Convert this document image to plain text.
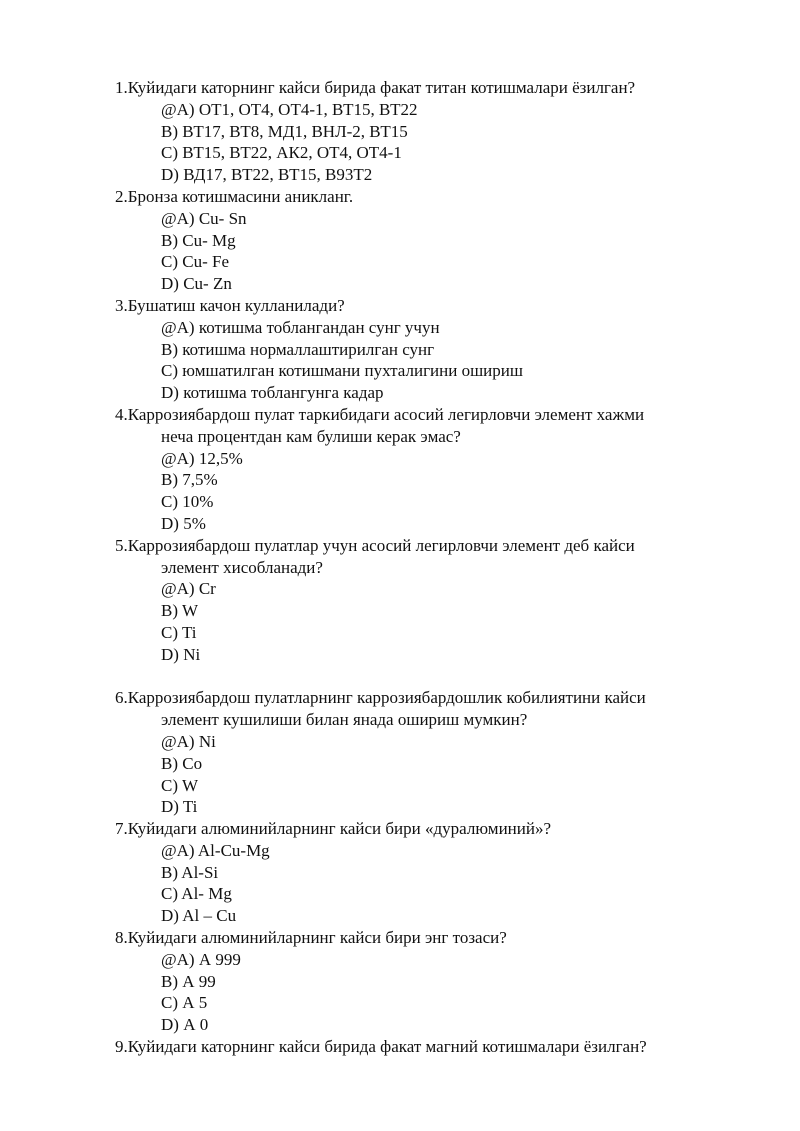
1.Куйидаги каторнинг кайси бирида факат титан котишмалари ёзилган?

@A) ОТ1, ОТ4, ОТ4-1, ВТ15, ВТ22

B) ВТ17, ВТ8, МД1, ВНЛ-2, ВТ15

C) ВТ15, ВТ22, АК2, ОТ4, ОТ4-1

D) ВД17, ВТ22, ВТ15, В93Т2

2.Бронза котишмасини аникланг.

@A) Cu- Sn

B) Cu- Mg

C) Cu- Fe

D) Cu- Zn

3.Бушатиш качон кулланилади?

@A) котишма тоблангандан сунг учун

B) котишма нормаллаштирилган сунг

C) юмшатилган котишмани пухталигини ошириш

D) котишма тоблангунга кадар

4.Каррозиябардош пулат таркибидаги асосий легирловчи элемент хажми

неча процентдан кам булиши керак эмас?

@A) 12,5%

B) 7,5%

C) 10%

D) 5%

5.Каррозиябардош пулатлар учун асосий легирловчи элемент деб кайси

элемент хисобланади?

@A) Cr

B) W

C) Ti

D) Ni

6.Каррозиябардош пулатларнинг каррозиябардошлик кобилиятини кайси

элемент кушилиши билан янада ошириш мумкин?

@A) Ni

B) Co

C) W

D) Ti

7.Куйидаги алюминийларнинг кайси бири «дуралюминий»?

@A) Al-Cu-Mg

B) Al-Si

C) Al- Mg

D) Al – Cu

8.Куйидаги алюминийларнинг кайси бири энг тозаси?

@A) А 999

B) А 99

C) А 5

D) А 0

9.Куйидаги каторнинг кайси бирида факат магний котишмалари ёзилган?
